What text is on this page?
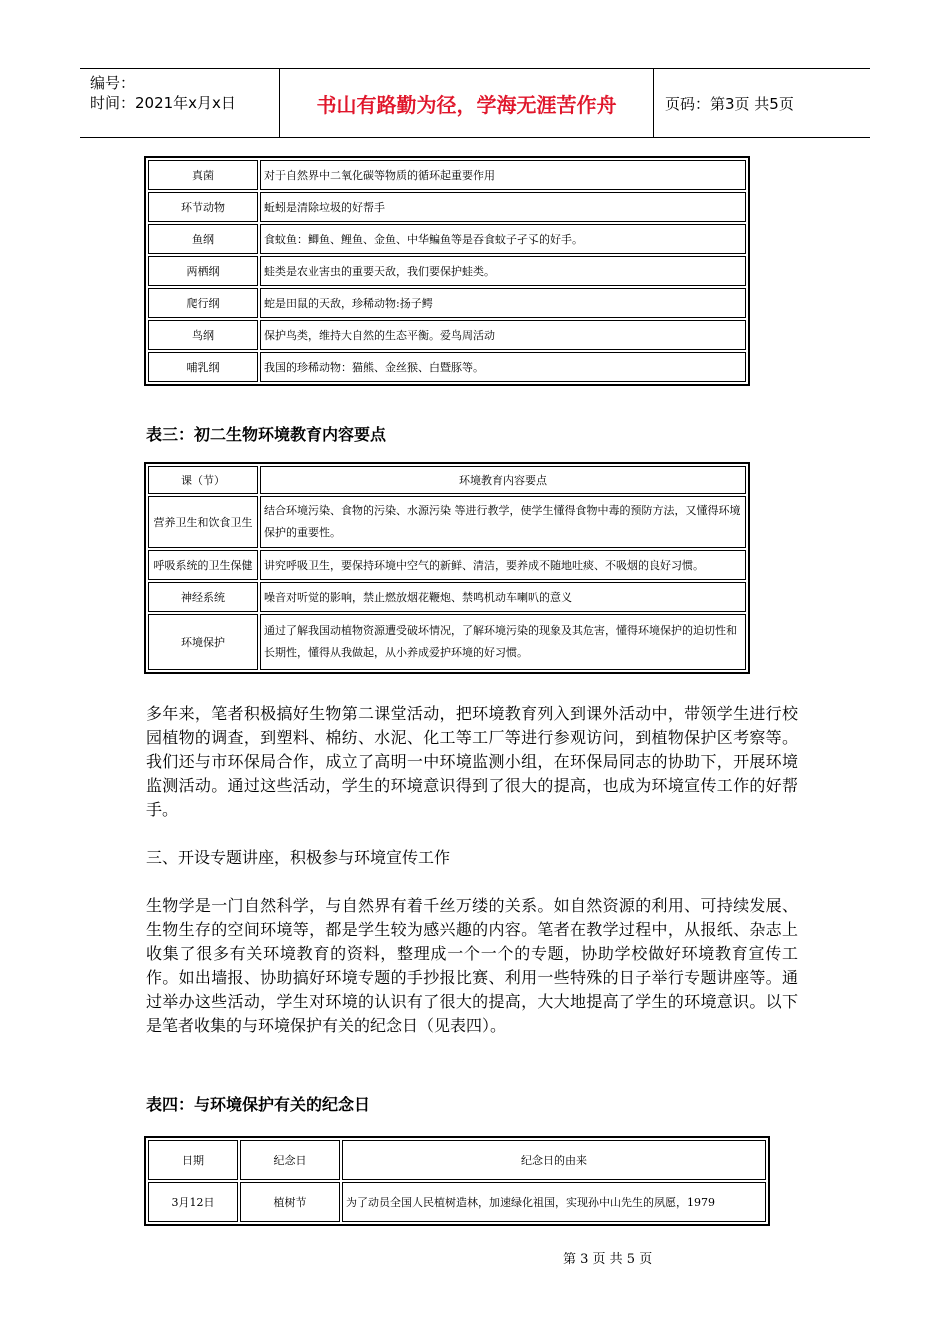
编号：
时间：2021年x月x日	书山有路勤为径，学海无涯苦作舟	页码：第3页 共5页
真菌	对于自然界中二氧化碳等物质的循环起重要作用
环节动物	蚯蚓是清除垃圾的好帮手
鱼纲	食蚊鱼：鲫鱼、鲤鱼、金鱼、中华鳊鱼等是吞食蚊子孑孓的好手。
两栖纲	蛙类是农业害虫的重要天敌，我们要保护蛙类。
爬行纲	蛇是田鼠的天敌，珍稀动物:扬子鳄
鸟纲	保护鸟类，维持大自然的生态平衡。爱鸟周活动
哺乳纲	我国的珍稀动物：猫熊、金丝猴、白暨豚等。
表三：初二生物环境教育内容要点
课（节）	环境教育内容要点
营养卫生和饮食卫生	结合环境污染、食物的污染、水源污染 等进行教学，使学生懂得食物中毒的预防方法，又懂得环境保护的重要性。
呼吸系统的卫生保健	讲究呼吸卫生，要保持环境中空气的新鲜、清洁，要养成不随地吐痰、不吸烟的良好习惯。
神经系统	噪音对听觉的影响，禁止燃放烟花鞭炮、禁鸣机动车喇叭的意义
环境保护	通过了解我国动植物资源遭受破坏情况，了解环境污染的现象及其危害，懂得环境保护的迫切性和长期性，懂得从我做起，从小养成爱护环境的好习惯。
多年来，笔者积极搞好生物第二课堂活动，把环境教育列入到课外活动中，带领学生进行校园植物的调查，到塑料、棉纺、水泥、化工等工厂等进行参观访问，到植物保护区考察等。我们还与市环保局合作，成立了高明一中环境监测小组，在环保局同志的协助下，开展环境监测活动。通过这些活动，学生的环境意识得到了很大的提高，也成为环境宣传工作的好帮手。
三、开设专题讲座，积极参与环境宣传工作
生物学是一门自然科学，与自然界有着千丝万缕的关系。如自然资源的利用、可持续发展、生物生存的空间环境等，都是学生较为感兴趣的内容。笔者在教学过程中，从报纸、杂志上收集了很多有关环境教育的资料，整理成一个一个的专题，协助学校做好环境教育宣传工作。如出墙报、协助搞好环境专题的手抄报比赛、利用一些特殊的日子举行专题讲座等。通过举办这些活动，学生对环境的认识有了很大的提高，大大地提高了学生的环境意识。以下是笔者收集的与环境保护有关的纪念日（见表四）。
表四：与环境保护有关的纪念日
日期	纪念日	纪念日的由来
3月12日	植树节	为了动员全国人民植树造林，加速绿化祖国，实现孙中山先生的夙愿，1979
第 3 页 共 5 页
